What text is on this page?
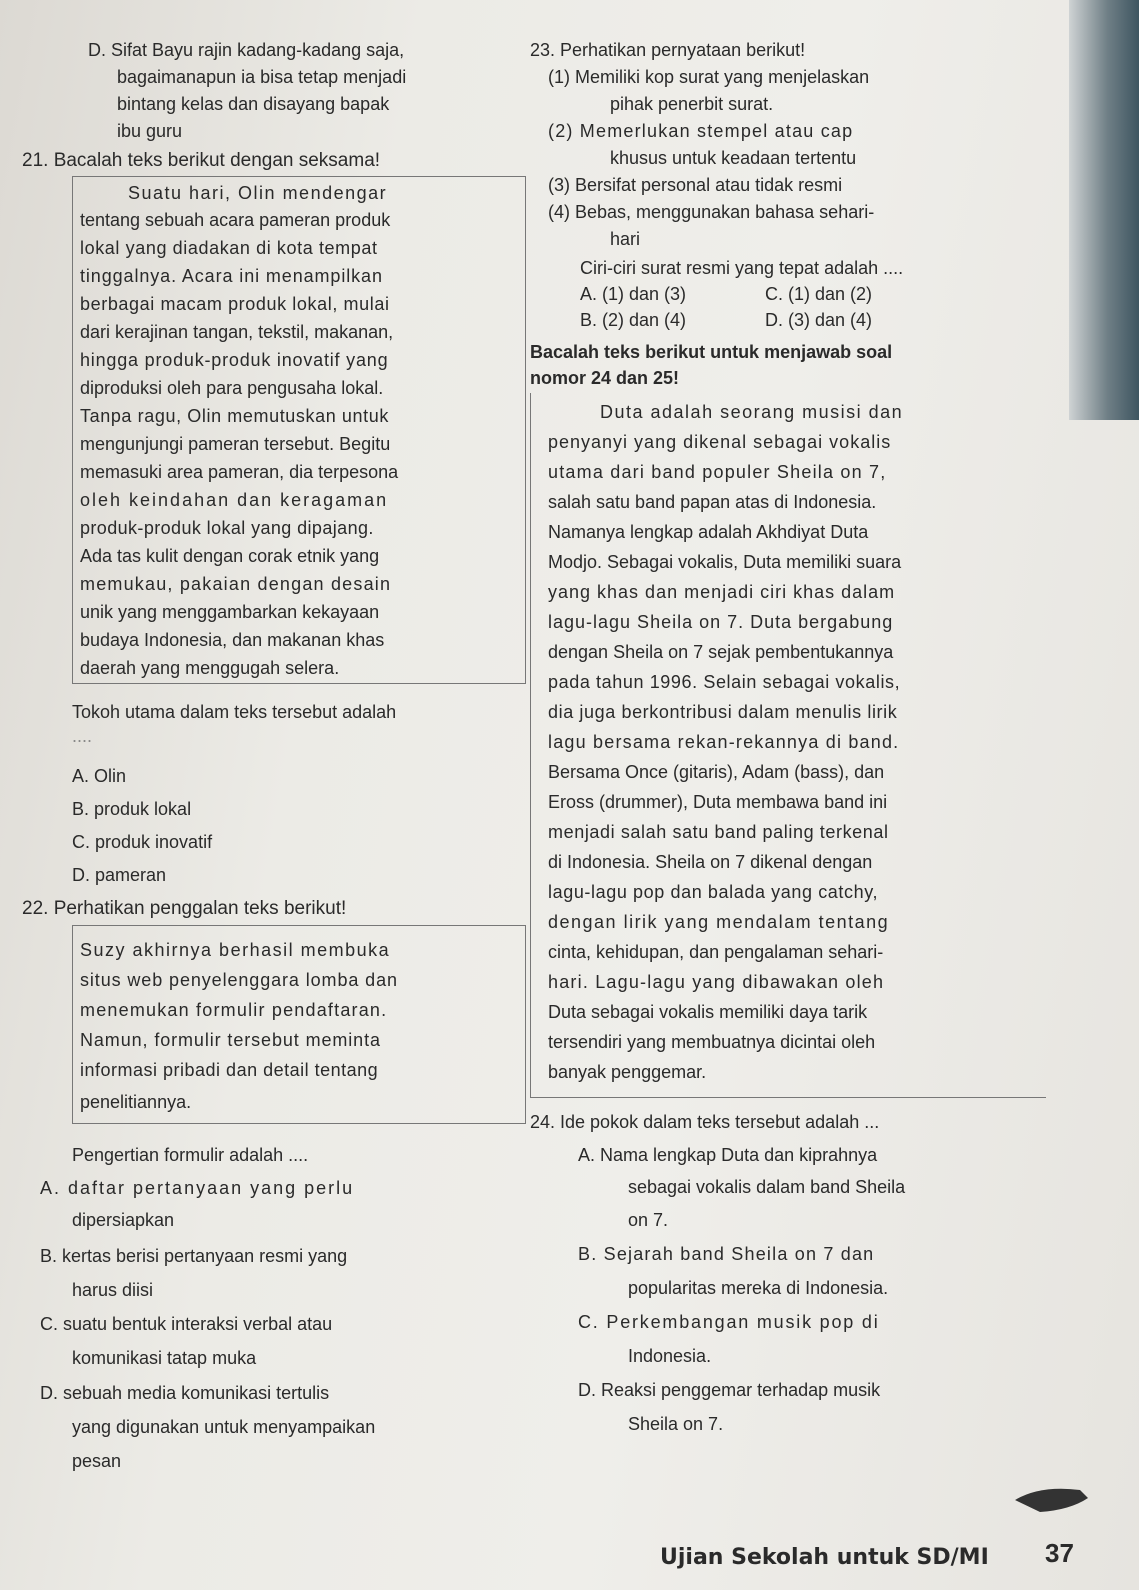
D. Sifat Bayu rajin kadang-kadang saja,
bagaimanapun ia bisa tetap menjadi
bintang kelas dan disayang bapak
ibu guru
21. Bacalah teks berikut dengan seksama!
Suatu hari, Olin mendengar
tentang sebuah acara pameran produk
lokal yang diadakan di kota tempat
tinggalnya. Acara ini menampilkan
berbagai macam produk lokal, mulai
dari kerajinan tangan, tekstil, makanan,
hingga produk-produk inovatif yang
diproduksi oleh para pengusaha lokal.
Tanpa ragu, Olin memutuskan untuk
mengunjungi pameran tersebut. Begitu
memasuki area pameran, dia terpesona
oleh keindahan dan keragaman
produk-produk lokal yang dipajang.
Ada tas kulit dengan corak etnik yang
memukau, pakaian dengan desain
unik yang menggambarkan kekayaan
budaya Indonesia, dan makanan khas
daerah yang menggugah selera.
Tokoh utama dalam teks tersebut adalah
....
A. Olin
B. produk lokal
C. produk inovatif
D. pameran
22. Perhatikan penggalan teks berikut!
Suzy akhirnya berhasil membuka
situs web penyelenggara lomba dan
menemukan formulir pendaftaran.
Namun, formulir tersebut meminta
informasi pribadi dan detail tentang
penelitiannya.
Pengertian formulir adalah ....
A. daftar pertanyaan yang perlu
dipersiapkan
B. kertas berisi pertanyaan resmi yang
harus diisi
C. suatu bentuk interaksi verbal atau
komunikasi tatap muka
D. sebuah media komunikasi tertulis
yang digunakan untuk menyampaikan
pesan
23. Perhatikan pernyataan berikut!
(1) Memiliki kop surat yang menjelaskan
pihak penerbit surat.
(2) Memerlukan stempel atau cap
khusus untuk keadaan tertentu
(3) Bersifat personal atau tidak resmi
(4) Bebas, menggunakan bahasa sehari-
hari
Ciri-ciri surat resmi yang tepat adalah ....
A. (1) dan (3)	C. (1) dan (2)
B. (2) dan (4)	D. (3) dan (4)
Bacalah teks berikut untuk menjawab soal
nomor 24 dan 25!
Duta adalah seorang musisi dan
penyanyi yang dikenal sebagai vokalis
utama dari band populer Sheila on 7,
salah satu band papan atas di Indonesia.
Namanya lengkap adalah Akhdiyat Duta
Modjo. Sebagai vokalis, Duta memiliki suara
yang khas dan menjadi ciri khas dalam
lagu-lagu Sheila on 7. Duta bergabung
dengan Sheila on 7 sejak pembentukannya
pada tahun 1996. Selain sebagai vokalis,
dia juga berkontribusi dalam menulis lirik
lagu bersama rekan-rekannya di band.
Bersama Once (gitaris), Adam (bass), dan
Eross (drummer), Duta membawa band ini
menjadi salah satu band paling terkenal
di Indonesia. Sheila on 7 dikenal dengan
lagu-lagu pop dan balada yang catchy,
dengan lirik yang mendalam tentang
cinta, kehidupan, dan pengalaman sehari-
hari. Lagu-lagu yang dibawakan oleh
Duta sebagai vokalis memiliki daya tarik
tersendiri yang membuatnya dicintai oleh
banyak penggemar.
24. Ide pokok dalam teks tersebut adalah ...
A. Nama lengkap Duta dan kiprahnya
sebagai vokalis dalam band Sheila
on 7.
B. Sejarah band Sheila on 7 dan
popularitas mereka di Indonesia.
C. Perkembangan musik pop di
Indonesia.
D. Reaksi penggemar terhadap musik
Sheila on 7.
Ujian Sekolah untuk SD/MI 37
